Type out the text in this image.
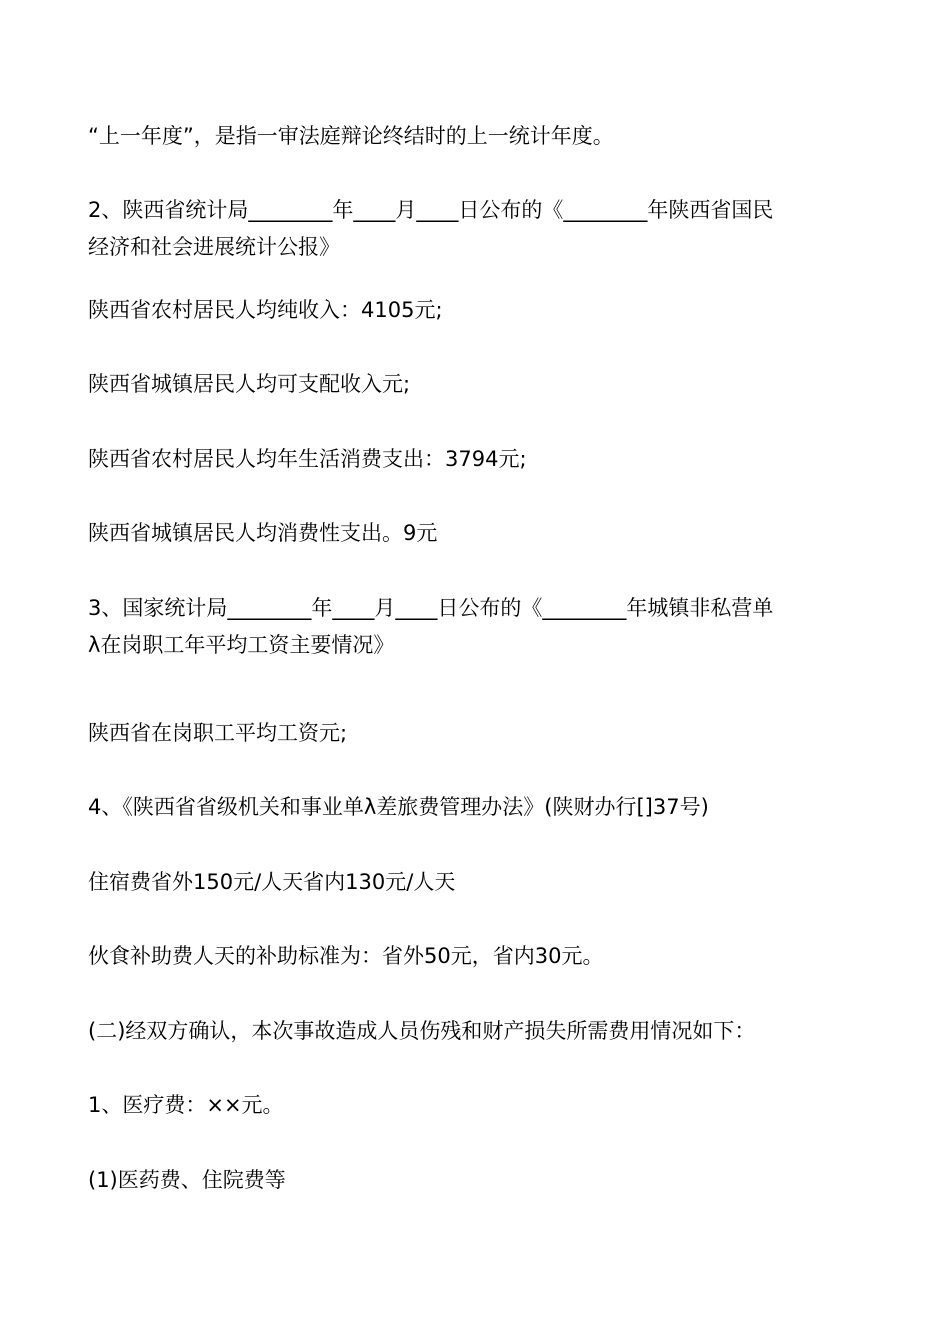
“上一年度”，是指一审法庭辩论终结时的上一统计年度。

2、陕西省统计局________年____月____日公布的《________年陕西省国民
经济和社会进展统计公报》

陕西省农村居民人均纯收入：4105元;

陕西省城镇居民人均可支配收入元;

陕西省农村居民人均年生活消费支出：3794元;

陕西省城镇居民人均消费性支出。9元

3、国家统计局________年____月____日公布的《________年城镇非私营单
λ在岗职工年平均工资主要情况》

陕西省在岗职工平均工资元;

4、《陕西省省级机关和事业单λ差旅费管理办法》(陕财办行[]37号)

住宿费省外150元/人天省内130元/人天

伙食补助费人天的补助标准为：省外50元，省内30元。

(二)经双方确认，本次事故造成人员伤残和财产损失所需费用情况如下：

1、医疗费：××元。

(1)医药费、住院费等
